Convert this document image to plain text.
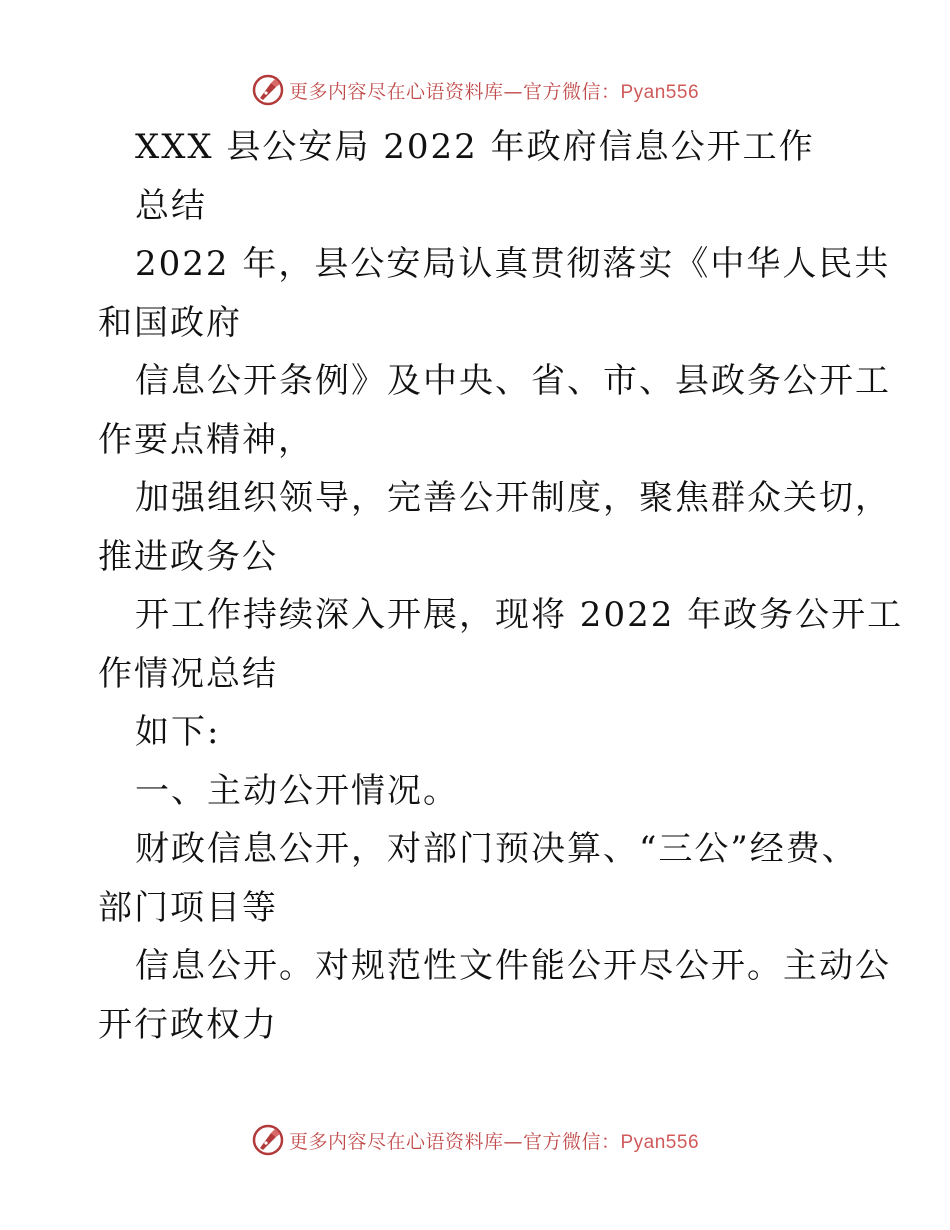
更多内容尽在心语资料库—官方微信：Pyan556
XXX 县公安局 2022 年政府信息公开工作
总结
2022 年，县公安局认真贯彻落实《中华人民共
和国政府
信息公开条例》及中央、省、市、县政务公开工
作要点精神，
加强组织领导，完善公开制度，聚焦群众关切，
推进政务公
开工作持续深入开展，现将 2022 年政务公开工
作情况总结
如下:
一、主动公开情况。
财政信息公开，对部门预决算、“三公”经费、
部门项目等
信息公开。对规范性文件能公开尽公开。主动公
开行政权力
更多内容尽在心语资料库—官方微信：Pyan556
